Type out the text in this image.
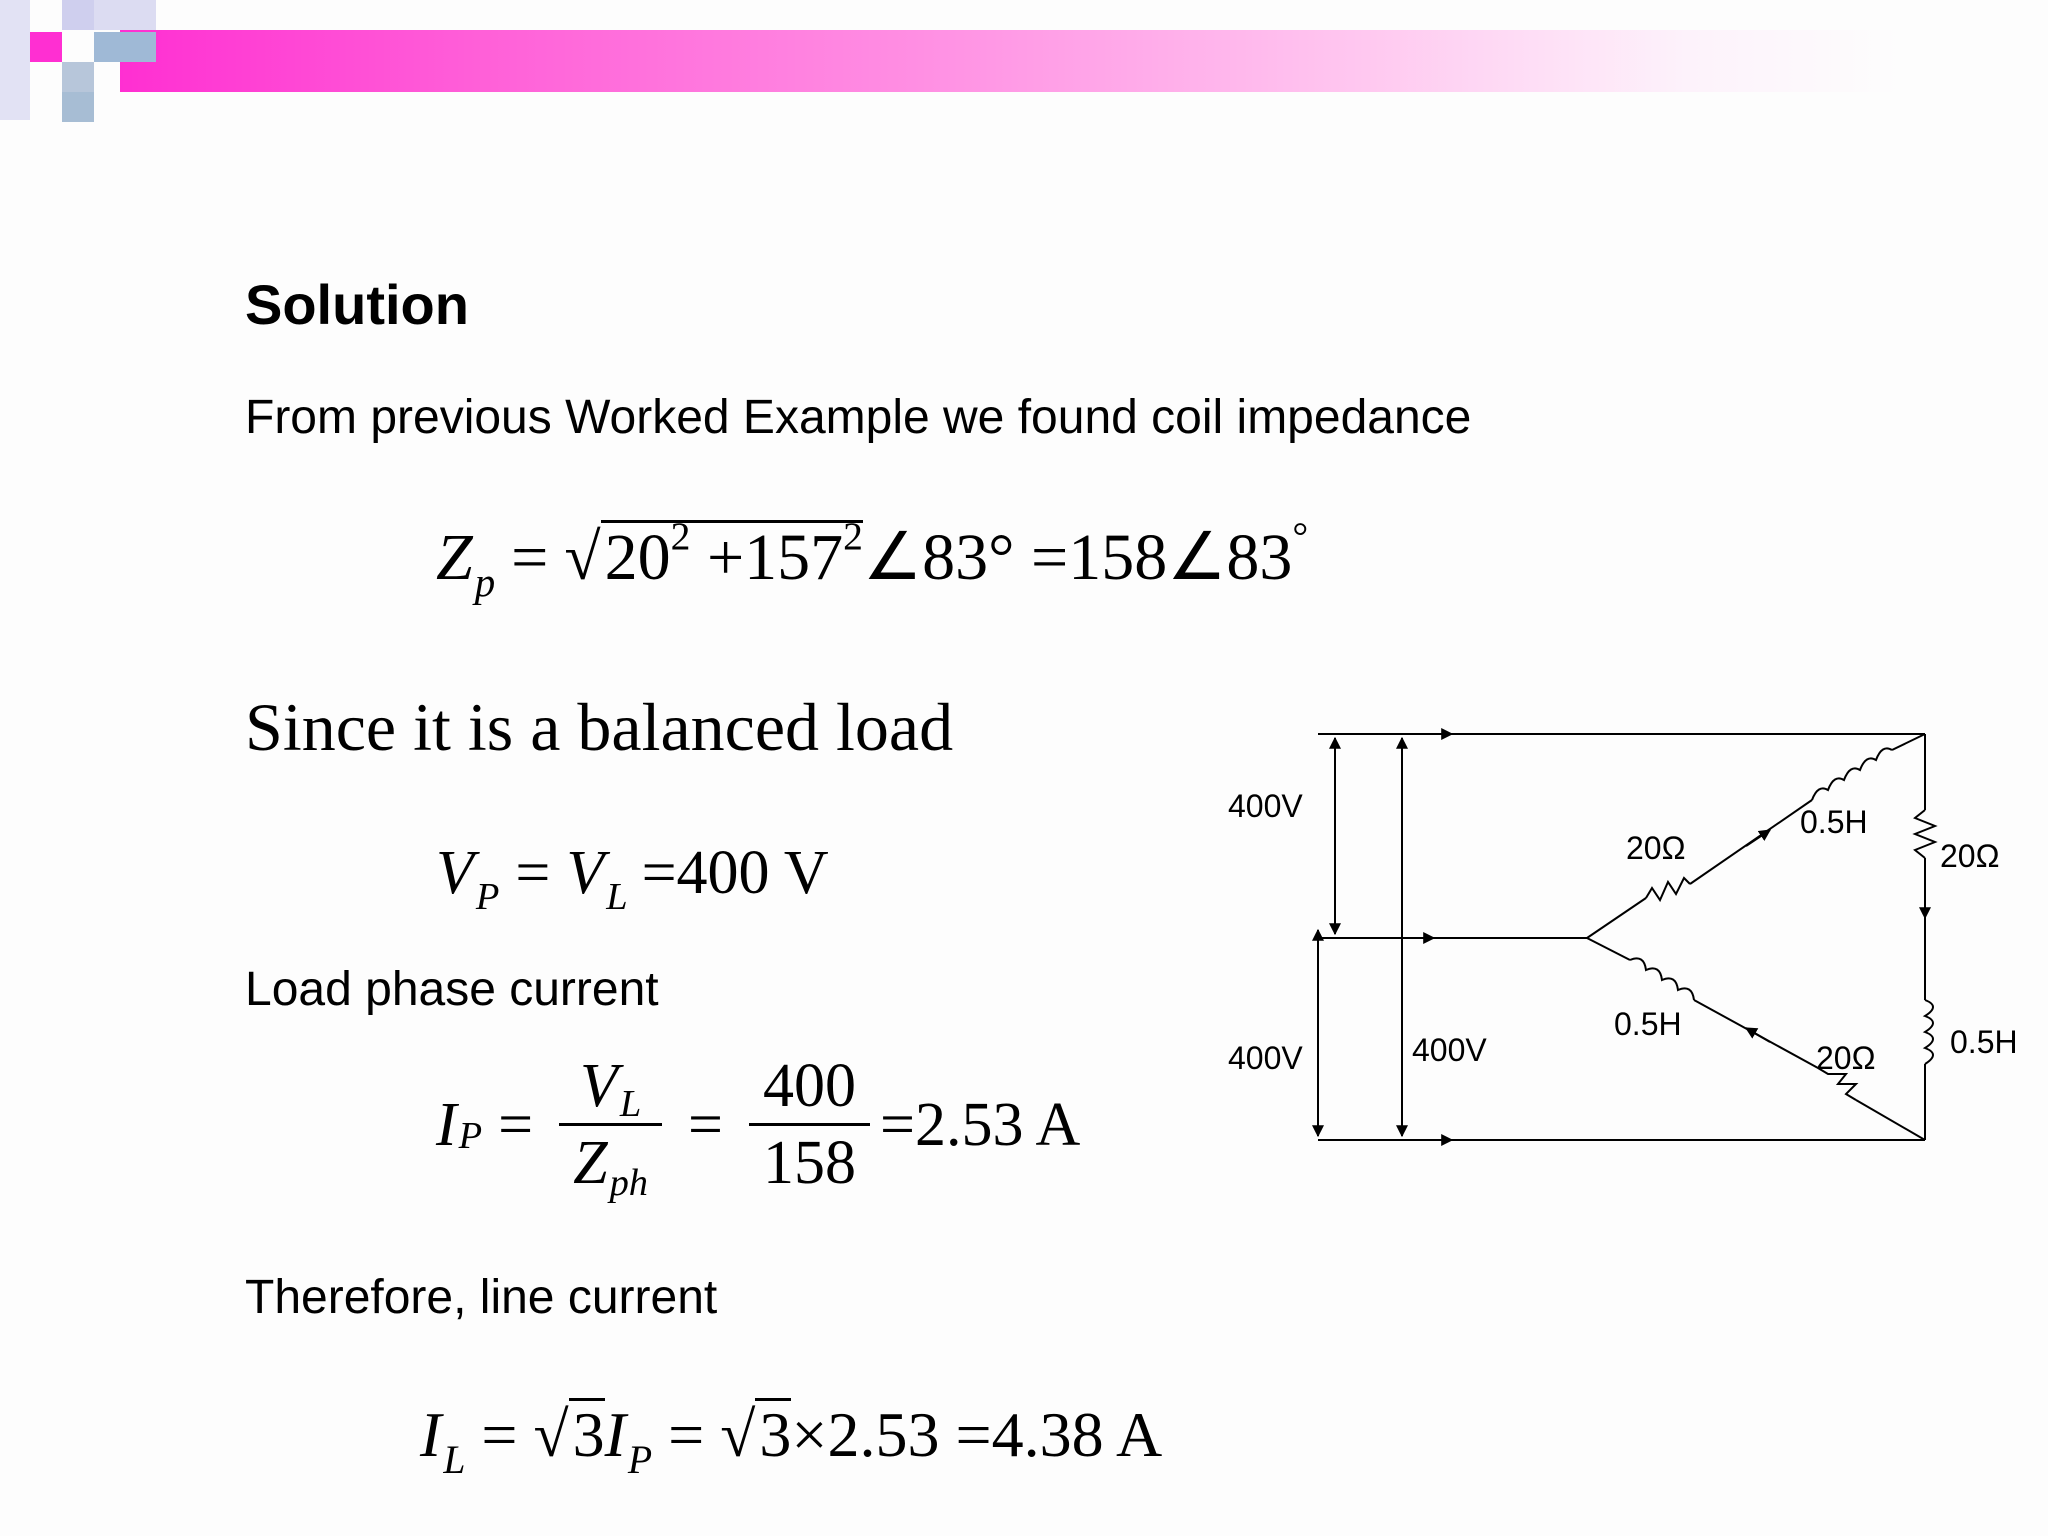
Solution
From previous Worked Example we found coil impedance
$Z_p = √20^2$ $+157^2\angle 83^\circ$ =158∠83°
Since it is a balanced load
$V_P = V_L =400$ V
Load phase current
I $P = \frac{VL}{\text{Zph}} = \frac{400}{158} =2.53$ A
Therefore, line current
$I_L = √3I_P = √3\times 2.53 =4.38$ A
400V
400V	400V
20Ω
0.5H
20Ω
0.5H
20Ω 0.5H
